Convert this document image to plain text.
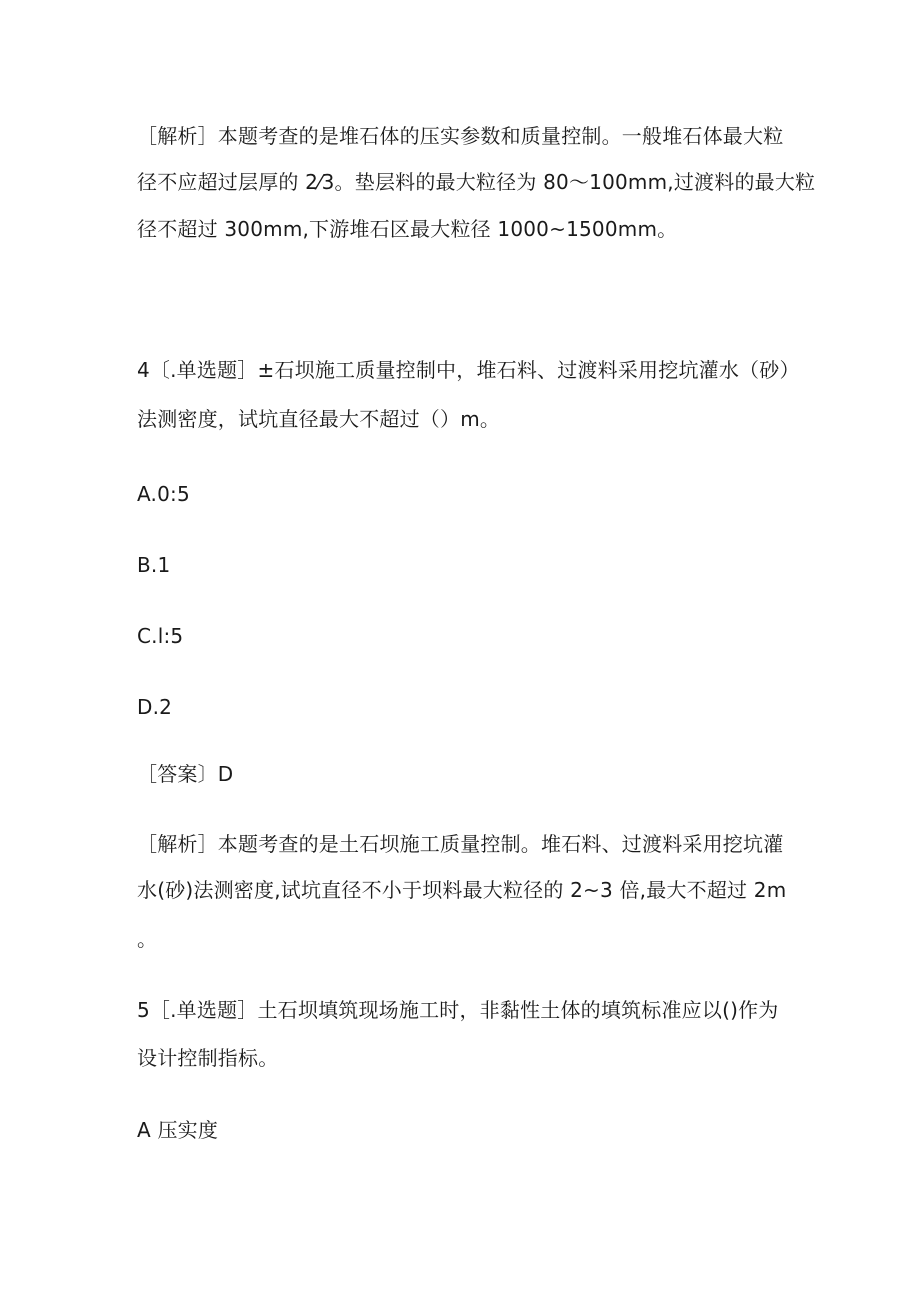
［解析］本题考查的是堆石体的压实参数和质量控制。一般堆石体最大粒
径不应超过层厚的 2⁄3。垫层料的最大粒径为 80～100mm,过渡料的最大粒
径不超过 300mm,下游堆石区最大粒径 1000~1500mm。
4〔.单选题］±石坝施工质量控制中，堆石料、过渡料采用挖坑灌水（砂）
法测密度，试坑直径最大不超过（）m。
A.0:5
B.1
C.l:5
D.2
［答案〕D
［解析］本题考查的是土石坝施工质量控制。堆石料、过渡料采用挖坑灌
水(砂)法测密度,试坑直径不小于坝料最大粒径的 2~3 倍,最大不超过 2m
。
5［.单选题］土石坝填筑现场施工时，非黏性土体的填筑标准应以()作为
设计控制指标。
A 压实度
